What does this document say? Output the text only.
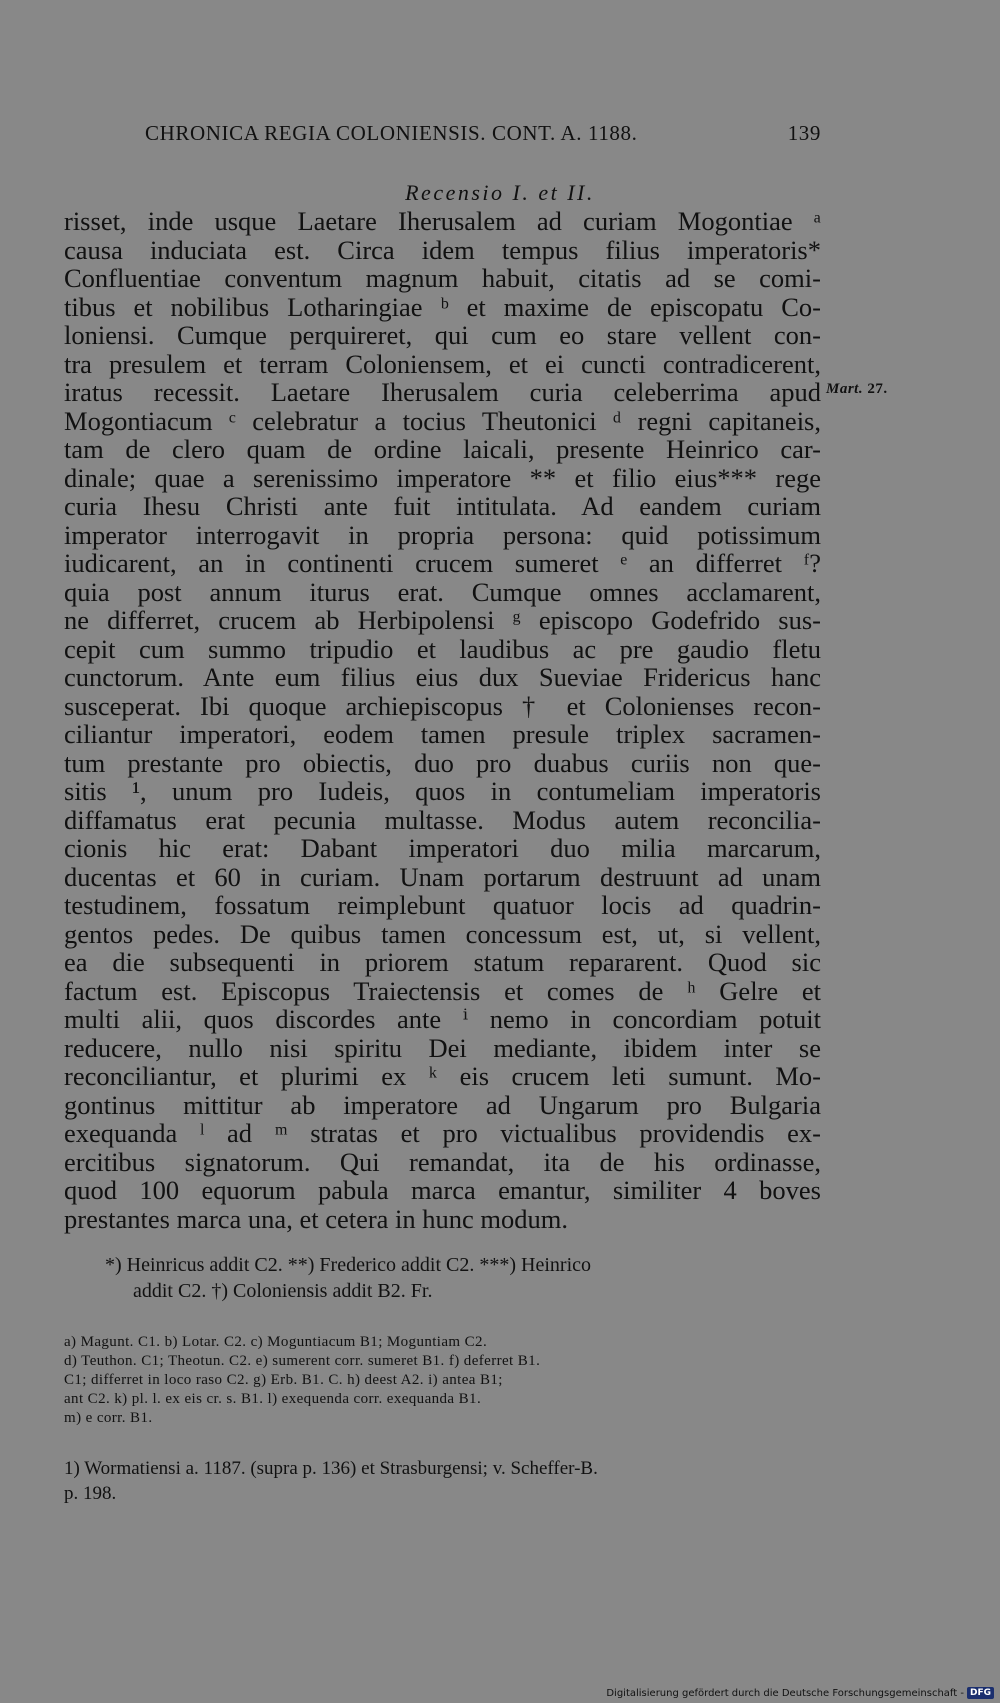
CHRONICA REGIA COLONIENSIS. CONT. A. 1188.	139
Recensio I. et II.
risset, inde usque Laetare Iherusalem ad curiam Mogontiae ᵃ
causa induciata est. Circa idem tempus filius imperatoris*
Confluentiae conventum magnum habuit, citatis ad se comi-
tibus et nobilibus Lotharingiae ᵇ et maxime de episcopatu Co-
loniensi. Cumque perquireret, qui cum eo stare vellent con-
tra presulem et terram Coloniensem, et ei cuncti contradicerent,
iratus recessit. Laetare Iherusalem curia celeberrima apud
Mogontiacum ᶜ celebratur a tocius Theutonici ᵈ regni capitaneis,
tam de clero quam de ordine laicali, presente Heinrico car-
dinale; quae a serenissimo imperatore ** et filio eius*** rege
curia Ihesu Christi ante fuit intitulata. Ad eandem curiam
imperator interrogavit in propria persona: quid potissimum
iudicarent, an in continenti crucem sumeret ᵉ an differret ᶠ?
quia post annum iturus erat. Cumque omnes acclamarent,
ne differret, crucem ab Herbipolensi ᵍ episcopo Godefrido sus-
cepit cum summo tripudio et laudibus ac pre gaudio fletu
cunctorum. Ante eum filius eius dux Sueviae Fridericus hanc
susceperat. Ibi quoque archiepiscopus † et Colonienses recon-
ciliantur imperatori, eodem tamen presule triplex sacramen-
tum prestante pro obiectis, duo pro duabus curiis non que-
sitis ¹, unum pro Iudeis, quos in contumeliam imperatoris
diffamatus erat pecunia multasse. Modus autem reconcilia-
cionis hic erat: Dabant imperatori duo milia marcarum,
ducentas et 60 in curiam. Unam portarum destruunt ad unam
testudinem, fossatum reimplebunt quatuor locis ad quadrin-
gentos pedes. De quibus tamen concessum est, ut, si vellent,
ea die subsequenti in priorem statum repararent. Quod sic
factum est. Episcopus Traiectensis et comes de ʰ Gelre et
multi alii, quos discordes ante ⁱ nemo in concordiam potuit
reducere, nullo nisi spiritu Dei mediante, ibidem inter se
reconciliantur, et plurimi ex ᵏ eis crucem leti sumunt. Mo-
gontinus mittitur ab imperatore ad Ungarum pro Bulgaria
exequanda ˡ ad ᵐ stratas et pro victualibus providendis ex-
ercitibus signatorum. Qui remandat, ita de his ordinasse,
quod 100 equorum pabula marca emantur, similiter 4 boves
prestantes marca una, et cetera in hunc modum.
Mart. 27.
*) Heinricus addit C2. **) Frederico addit C2. ***) Heinrico
addit C2. †) Coloniensis addit B2. Fr.
a) Magunt. C1. b) Lotar. C2. c) Moguntiacum B1; Moguntiam C2.
d) Teuthon. C1; Theotun. C2. e) sumerent corr. sumeret B1. f) deferret B1.
C1; differret in loco raso C2. g) Erb. B1. C. h) deest A2. i) antea B1;
ant C2. k) pl. l. ex eis cr. s. B1. l) exequenda corr. exequanda B1.
m) e corr. B1.
1) Wormatiensi a. 1187. (supra p. 136) et Strasburgensi; v. Scheffer-B.
p. 198.
Digitalisierung gefördert durch die Deutsche Forschungsgemeinschaft - DFG
